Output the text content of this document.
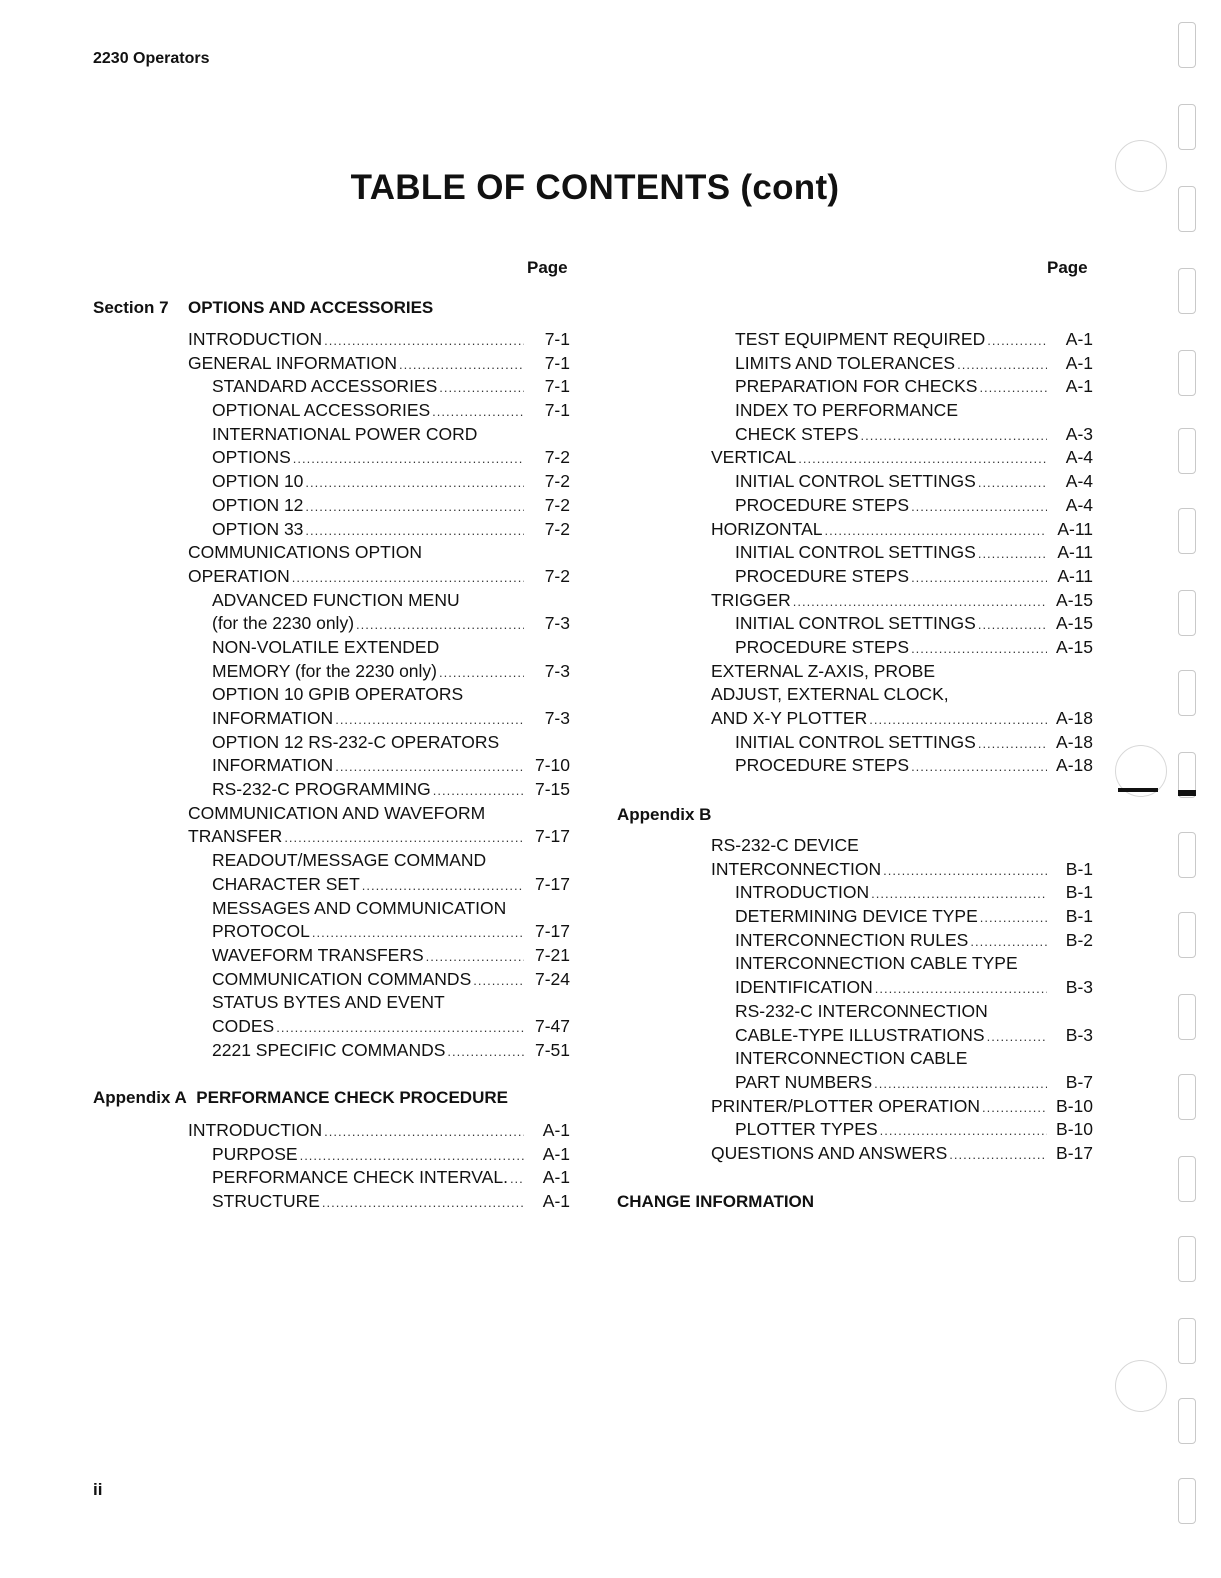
2230 Operators
TABLE OF CONTENTS (cont)
Page	Page
Section 7 OPTIONS AND ACCESSORIES
INTRODUCTION .....	7-1
GENERAL INFORMATION .....	7-1
STANDARD ACCESSORIES .....	7-1
OPTIONAL ACCESSORIES .....	7-1
INTERNATIONAL POWER CORD
OPTIONS .....	7-2
OPTION 10 .....	7-2
OPTION 12 .....	7-2
OPTION 33 .....	7-2
COMMUNICATIONS OPTION
OPERATION .....	7-2
ADVANCED FUNCTION MENU
(for the 2230 only) .....	7-3
NON-VOLATILE EXTENDED
MEMORY (for the 2230 only) .....	7-3
OPTION 10 GPIB OPERATORS
INFORMATION .....	7-3
OPTION 12 RS-232-C OPERATORS
INFORMATION .....	7-10
RS-232-C PROGRAMMING .....	7-15
COMMUNICATION AND WAVEFORM
TRANSFER .....	7-17
READOUT/MESSAGE COMMAND
CHARACTER SET .....	7-17
MESSAGES AND COMMUNICATION
PROTOCOL .....	7-17
WAVEFORM TRANSFERS .....	7-21
COMMUNICATION COMMANDS .....	7-24
STATUS BYTES AND EVENT
CODES .....	7-47
2221 SPECIFIC COMMANDS .....	7-51
Appendix A PERFORMANCE CHECK PROCEDURE
INTRODUCTION .....	A-1
PURPOSE .....	A-1
PERFORMANCE CHECK INTERVAL. .....	A-1
STRUCTURE .....	A-1
TEST EQUIPMENT REQUIRED .....	A-1
LIMITS AND TOLERANCES .....	A-1
PREPARATION FOR CHECKS .....	A-1
INDEX TO PERFORMANCE
CHECK STEPS .....	A-3
VERTICAL .....	A-4
INITIAL CONTROL SETTINGS .....	A-4
PROCEDURE STEPS .....	A-4
HORIZONTAL .....	A-11
INITIAL CONTROL SETTINGS .....	A-11
PROCEDURE STEPS .....	A-11
TRIGGER .....	A-15
INITIAL CONTROL SETTINGS .....	A-15
PROCEDURE STEPS .....	A-15
EXTERNAL Z-AXIS, PROBE
ADJUST, EXTERNAL CLOCK,
AND X-Y PLOTTER .....	A-18
INITIAL CONTROL SETTINGS .....	A-18
PROCEDURE STEPS .....	A-18
Appendix B
RS-232-C DEVICE
INTERCONNECTION .....	B-1
INTRODUCTION .....	B-1
DETERMINING DEVICE TYPE .....	B-1
INTERCONNECTION RULES .....	B-2
INTERCONNECTION CABLE TYPE
IDENTIFICATION .....	B-3
RS-232-C INTERCONNECTION
CABLE-TYPE ILLUSTRATIONS .....	B-3
INTERCONNECTION CABLE
PART NUMBERS .....	B-7
PRINTER/PLOTTER OPERATION .....	B-10
PLOTTER TYPES .....	B-10
QUESTIONS AND ANSWERS .....	B-17
CHANGE INFORMATION
ii
